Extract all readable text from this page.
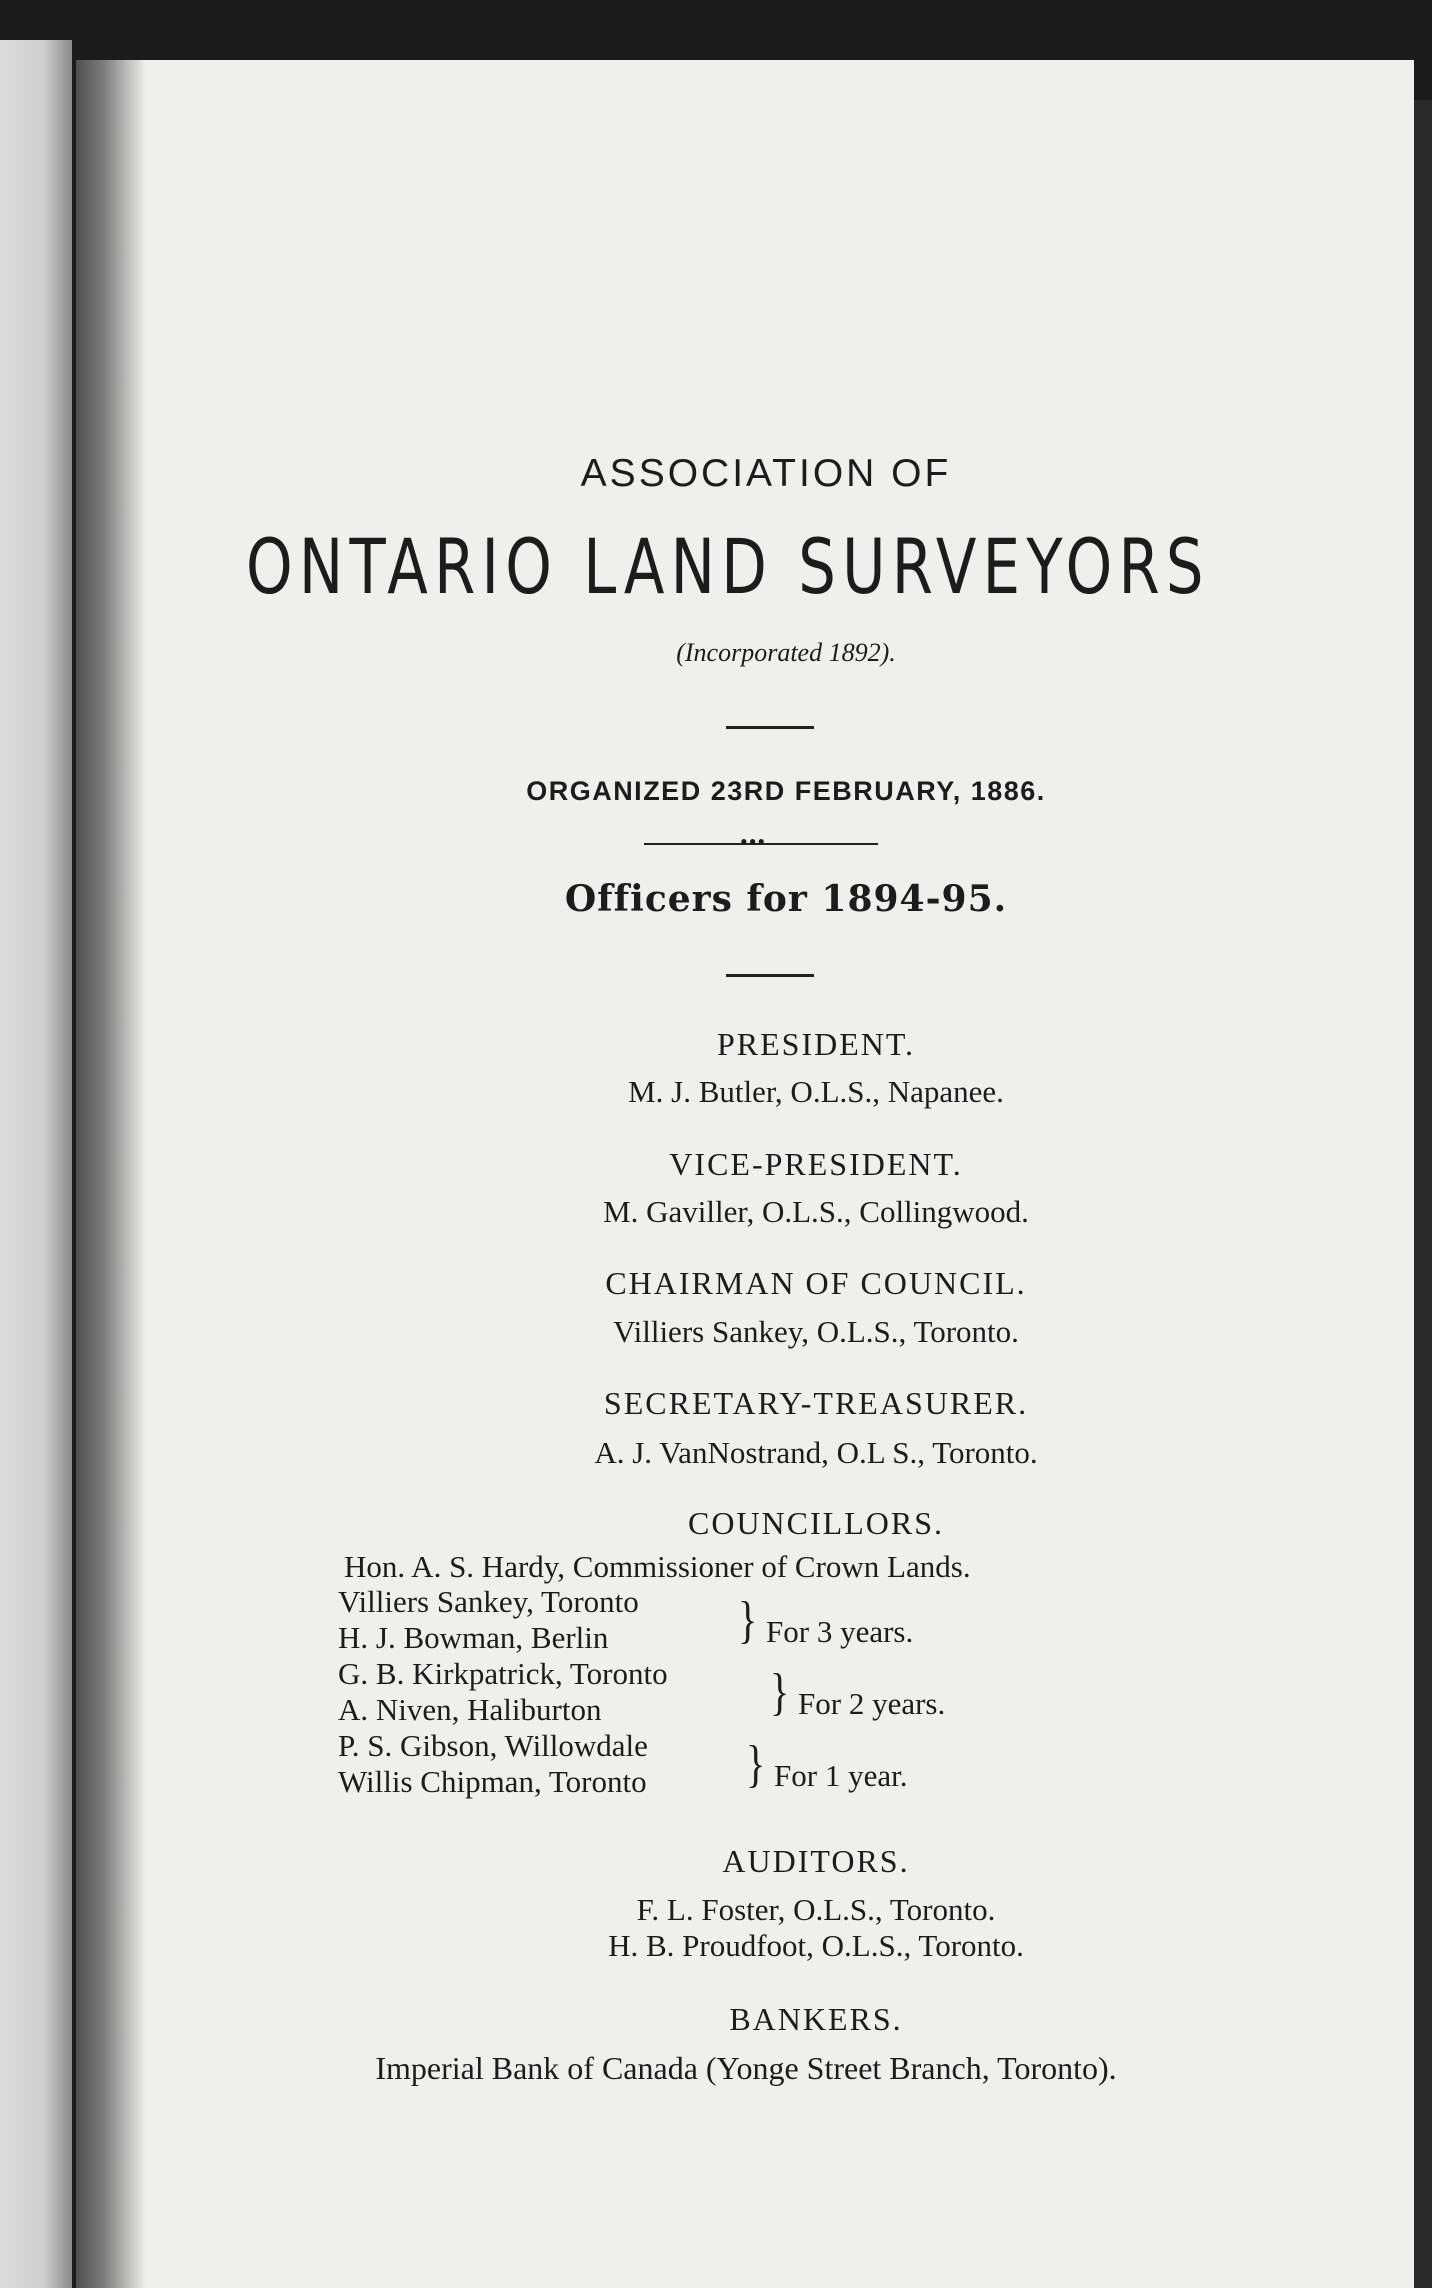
ASSOCIATION OF
ONTARIO LAND SURVEYORS
(Incorporated 1892).
ORGANIZED 23RD FEBRUARY, 1886.
•••
Officers for 1894-95.
PRESIDENT.
M. J. Butler, O.L.S., Napanee.
VICE-PRESIDENT.
M. Gaviller, O.L.S., Collingwood.
CHAIRMAN OF COUNCIL.
Villiers Sankey, O.L.S., Toronto.
SECRETARY-TREASURER.
A. J. VanNostrand, O.L S., Toronto.
COUNCILLORS.
Hon. A. S. Hardy, Commissioner of Crown Lands.
Villiers Sankey, Toronto
H. J. Bowman, Berlin	} For 3 years.
G. B. Kirkpatrick, Toronto
A. Niven, Haliburton	} For 2 years.
P. S. Gibson, Willowdale
Willis Chipman, Toronto } For 1 year.
AUDITORS.
F. L. Foster, O.L.S., Toronto.
H. B. Proudfoot, O.L.S., Toronto.
BANKERS.
Imperial Bank of Canada (Yonge Street Branch, Toronto).
